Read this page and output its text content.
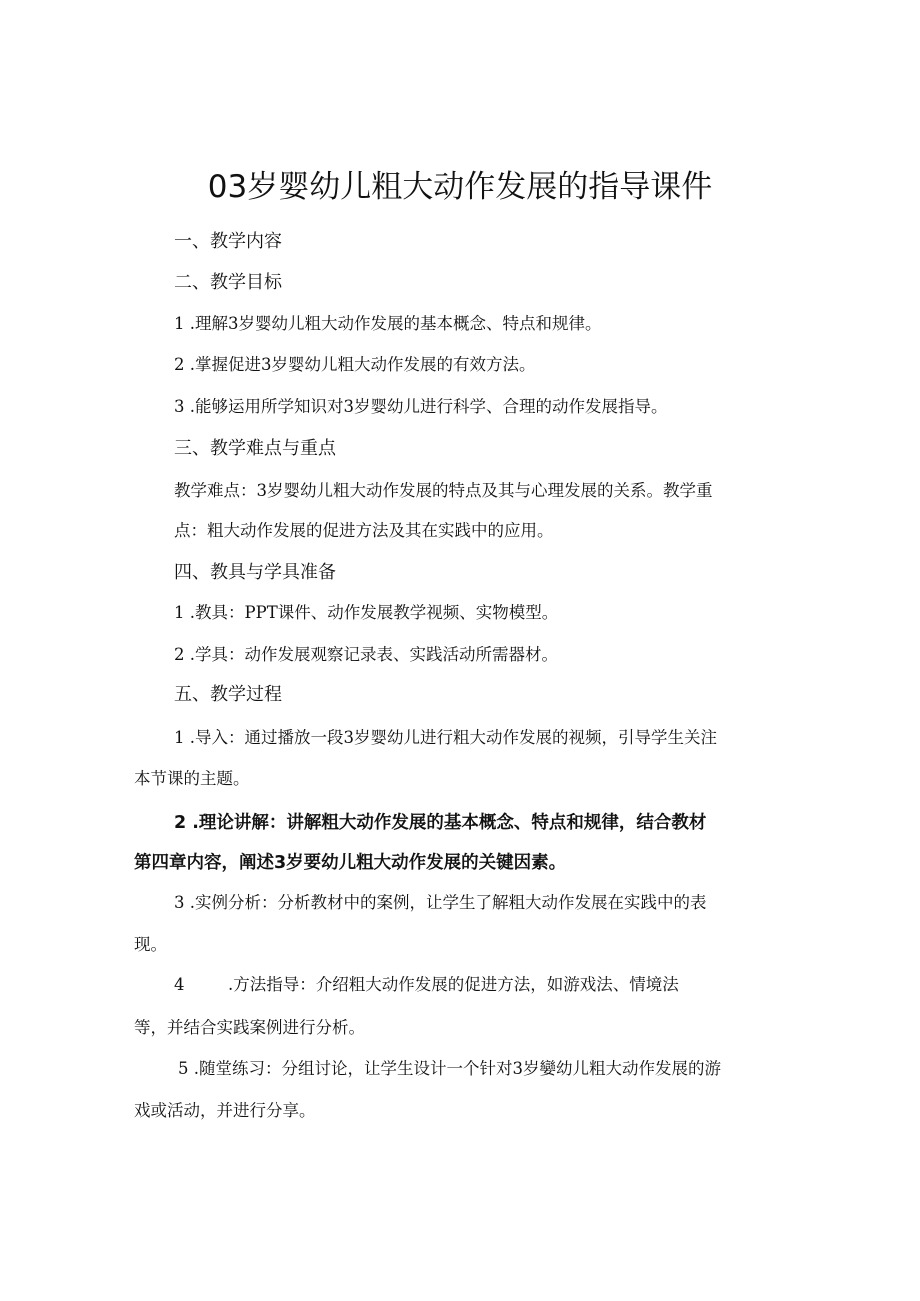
03岁婴幼儿粗大动作发展的指导课件
一、教学内容
二、教学目标
1 .理解3岁婴幼儿粗大动作发展的基本概念、特点和规律。
2 .掌握促进3岁婴幼儿粗大动作发展的有效方法。
3 .能够运用所学知识对3岁婴幼儿进行科学、合理的动作发展指导。
三、教学难点与重点
教学难点：3岁婴幼儿粗大动作发展的特点及其与心理发展的关系。教学重
点：粗大动作发展的促进方法及其在实践中的应用。
四、教具与学具准备
1 .教具：PPT课件、动作发展教学视频、实物模型。
2 .学具：动作发展观察记录表、实践活动所需器材。
五、教学过程
1 .导入：通过播放一段3岁婴幼儿进行粗大动作发展的视频，引导学生关注
本节课的主题。
2 .理论讲解：讲解粗大动作发展的基本概念、特点和规律，结合教材
第四章内容，阐述3岁要幼儿粗大动作发展的关键因素。
3 .实例分析：分析教材中的案例，让学生了解粗大动作发展在实践中的表
现。
4	.方法指导：介绍粗大动作发展的促进方法，如游戏法、情境法
等，并结合实践案例进行分析。
5 .随堂练习：分组讨论，让学生设计一个针对3岁孌幼儿粗大动作发展的游
戏或活动，并进行分享。
